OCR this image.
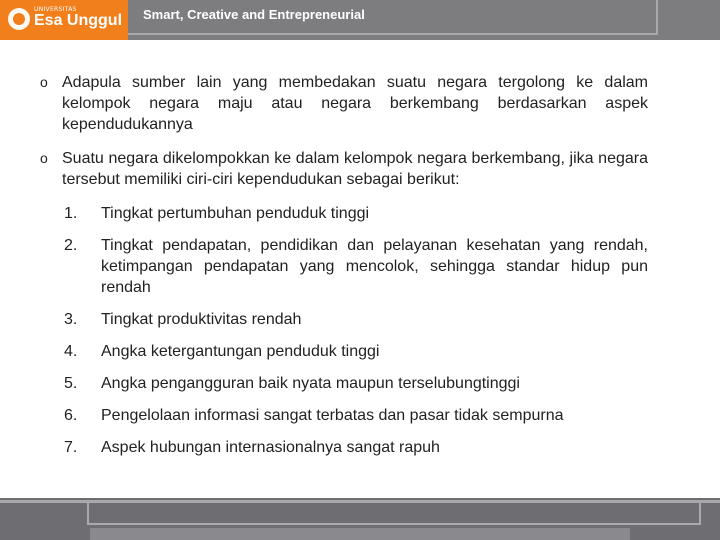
UNIVERSITAS
Esa Unggul Smart, Creative and Entrepreneurial
o Adapula sumber lain yang membedakan suatu negara tergolong ke dalam kelompok negara maju atau negara berkembang berdasarkan aspek kependudukannya
o Suatu negara dikelompokkan ke dalam kelompok negara berkembang, jika negara tersebut memiliki ciri-ciri kependudukan sebagai berikut:
1. Tingkat pertumbuhan penduduk tinggi
2. Tingkat pendapatan, pendidikan dan pelayanan kesehatan yang rendah, ketimpangan pendapatan yang mencolok, sehingga standar hidup pun rendah
3. Tingkat produktivitas rendah
4. Angka ketergantungan penduduk tinggi
5. Angka pengangguran baik nyata maupun terselubungtinggi
6. Pengelolaan informasi sangat terbatas dan pasar tidak sempurna
7. Aspek hubungan internasionalnya sangat rapuh
